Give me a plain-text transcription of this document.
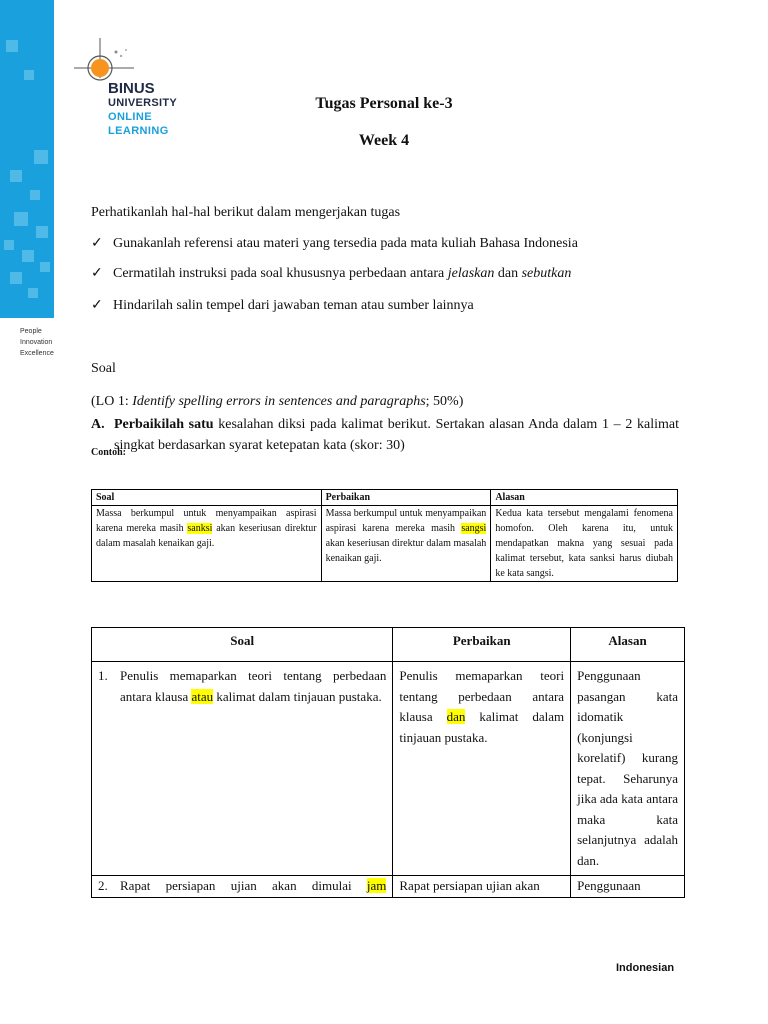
People
Innovation
Excellence
BINUS
UNIVERSITY
ONLINE
LEARNING
Tugas Personal ke-3
Week 4
Perhatikanlah hal-hal berikut dalam mengerjakan tugas
✓ Gunakanlah referensi atau materi yang tersedia pada mata kuliah Bahasa Indonesia
✓ Cermatilah instruksi pada soal khususnya perbedaan antara jelaskan dan sebutkan
✓ Hindarilah salin tempel dari jawaban teman atau sumber lainnya
Soal
(LO 1: Identify spelling errors in sentences and paragraphs; 50%)
A. Perbaikilah satu kesalahan diksi pada kalimat berikut. Sertakan alasan Anda dalam 1 – 2 kalimat singkat berdasarkan syarat ketepatan kata (skor: 30)
Contoh:
Soal	Perbaikan	Alasan
Massa berkumpul untuk menyampaikan aspirasi karena mereka masih sanksi akan keseriusan direktur dalam masalah kenaikan gaji.	Massa berkumpul untuk menyampaikan aspirasi karena mereka masih sangsi akan keseriusan direktur dalam masalah kenaikan gaji.	Kedua kata tersebut mengalami fenomena homofon. Oleh karena itu, untuk mendapatkan makna yang sesuai pada kalimat tersebut, kata sanksi harus diubah ke kata sangsi.
Soal	Perbaikan	Alasan

1. Penulis memaparkan teori tentang perbedaan antara klausa atau kalimat dalam tinjauan pustaka.	Penulis memaparkan teori tentang perbedaan antara klausa dan kalimat dalam tinjauan pustaka.	Penggunaan pasangan kata idomatik (konjungsi korelatif) kurang tepat. Seharunya jika ada kata antara maka kata selanjutnya adalah dan.

2. Rapat persiapan ujian akan dimulai jam	Rapat persiapan ujian akan	Penggunaan
Indonesian
